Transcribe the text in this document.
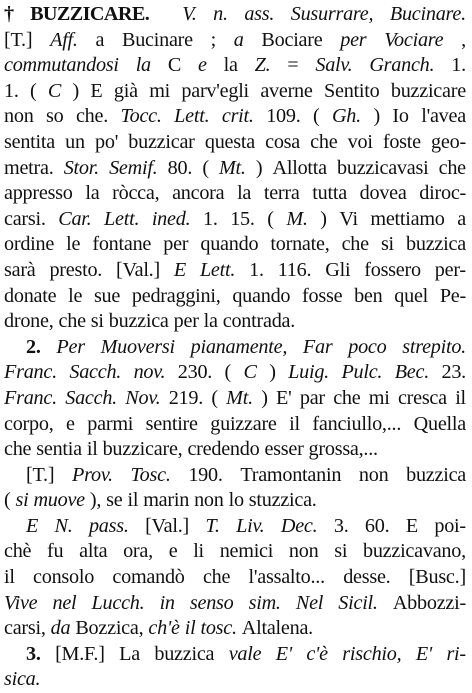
† BUZZICARE. V. n. ass. Susurrare, Bucinare.
[T.] Aff. a Bucinare ; a Bociare per Vociare ,
commutandosi la C e la Z. = Salv. Granch. 1.
1. ( C ) E già mi parv'egli averne Sentito buzzicare
non so che. Tocc. Lett. crit. 109. ( Gh. ) Io l'avea
sentita un po' buzzicar questa cosa che voi foste geo-
metra. Stor. Semif. 80. ( Mt. ) Allotta buzzicavasi che
appresso la ròcca, ancora la terra tutta dovea diroc-
carsi. Car. Lett. ined. 1. 15. ( M. ) Vi mettiamo a
ordine le fontane per quando tornate, che si buzzica
sarà presto. [Val.] E Lett. 1. 116. Gli fossero per-
donate le sue pedraggini, quando fosse ben quel Pe-
drone, che si buzzica per la contrada.
2. Per Muoversi pianamente, Far poco strepito.
Franc. Sacch. nov. 230. ( C ) Luig. Pulc. Bec. 23.
Franc. Sacch. Nov. 219. ( Mt. ) E' par che mi cresca il
corpo, e parmi sentire guizzare il fanciullo,... Quella
che sentia il buzzicare, credendo esser grossa,...
[T.] Prov. Tosc. 190. Tramontanin non buzzica
( si muove ), se il marin non lo stuzzica.
E N. pass. [Val.] T. Liv. Dec. 3. 60. E poi-
chè fu alta ora, e li nemici non si buzzicavano,
il consolo comandò che l'assalto... desse. [Busc.]
Vive nel Lucch. in senso sim. Nel Sicil. Abbozzi-
carsi, da Bozzica, ch'è il tosc. Altalena.
3. [M.F.] La buzzica vale E' c'è rischio, E' ri-
sica.
